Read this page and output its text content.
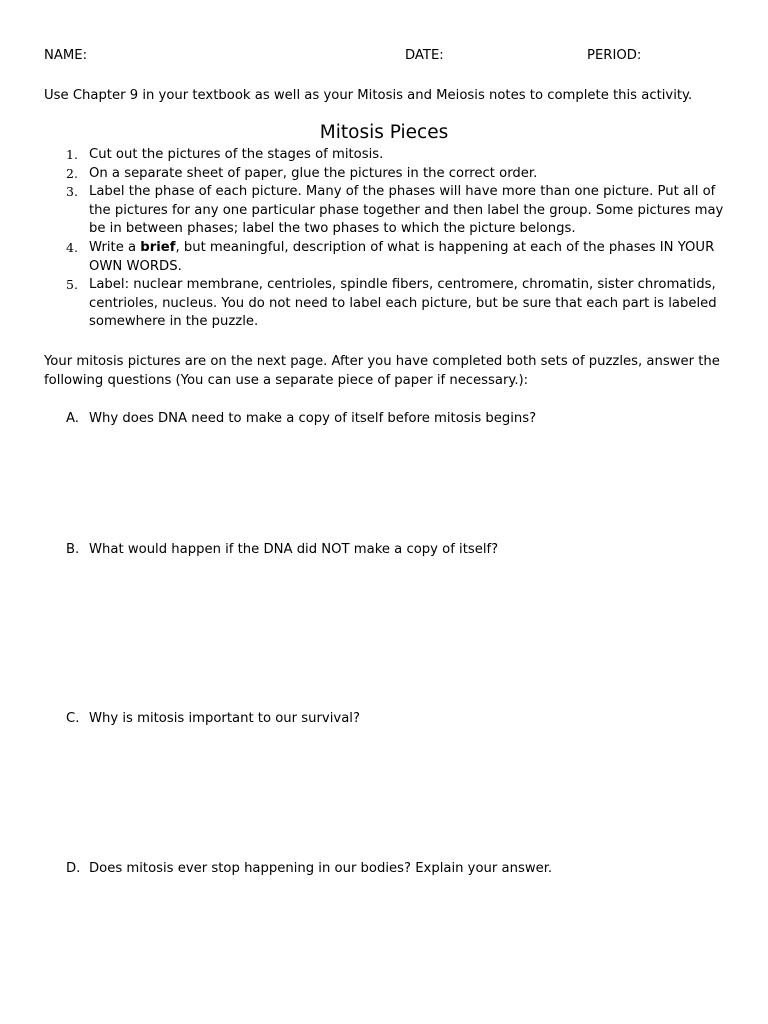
NAME:	DATE:	PERIOD:
Use Chapter 9 in your textbook as well as your Mitosis and Meiosis notes to complete this activity.
Mitosis Pieces
1. Cut out the pictures of the stages of mitosis.
2. On a separate sheet of paper, glue the pictures in the correct order.
3. Label the phase of each picture. Many of the phases will have more than one picture. Put all of the pictures for any one particular phase together and then label the group. Some pictures may be in between phases; label the two phases to which the picture belongs.
4. Write a brief, but meaningful, description of what is happening at each of the phases IN YOUR OWN WORDS.
5. Label: nuclear membrane, centrioles, spindle fibers, centromere, chromatin, sister chromatids, centrioles, nucleus. You do not need to label each picture, but be sure that each part is labeled somewhere in the puzzle.
Your mitosis pictures are on the next page. After you have completed both sets of puzzles, answer the following questions (You can use a separate piece of paper if necessary.):
A. Why does DNA need to make a copy of itself before mitosis begins?
B. What would happen if the DNA did NOT make a copy of itself?
C. Why is mitosis important to our survival?
D. Does mitosis ever stop happening in our bodies? Explain your answer.
